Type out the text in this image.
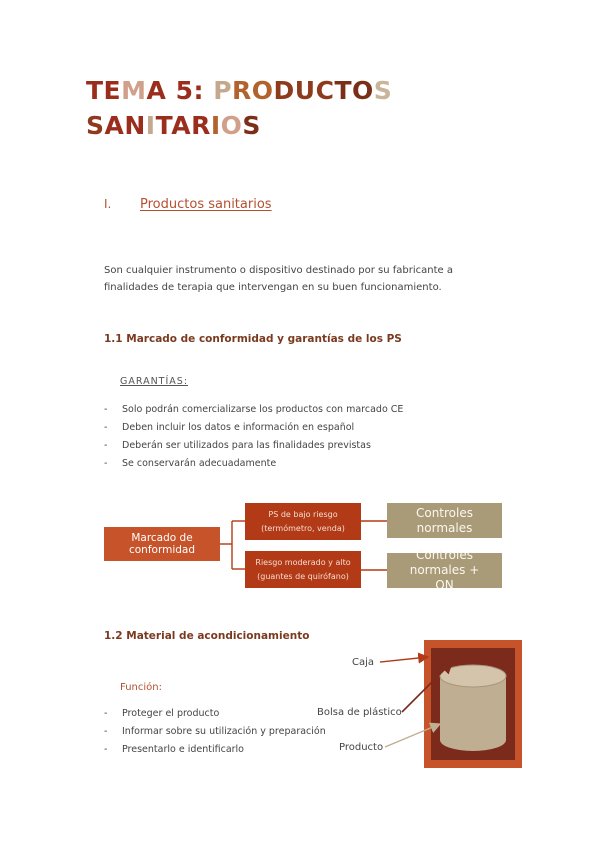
TEMA 5: PRODUCTOS
SANITARIOS
I. Productos sanitarios
Son cualquier instrumento o dispositivo destinado por su fabricante a finalidades de terapia que intervengan en su buen funcionamiento.
1.1 Marcado de conformidad y garantías de los PS
GARANTÍAS:
- Solo podrán comercializarse los productos con marcado CE
- Deben incluir los datos e información en español
- Deberán ser utilizados para las finalidades previstas
- Se conservarán adecuadamente
Marcado de conformidad
PS de bajo riesgo
(termómetro, venda)
Riesgo moderado y alto
(guantes de quirófano)
Controles normales
Controles normales +
ON
1.2 Material de acondicionamiento
Función:
- Proteger el producto
- Informar sobre su utilización y preparación
- Presentarlo e identificarlo
Caja
Bolsa de plástico
Producto
